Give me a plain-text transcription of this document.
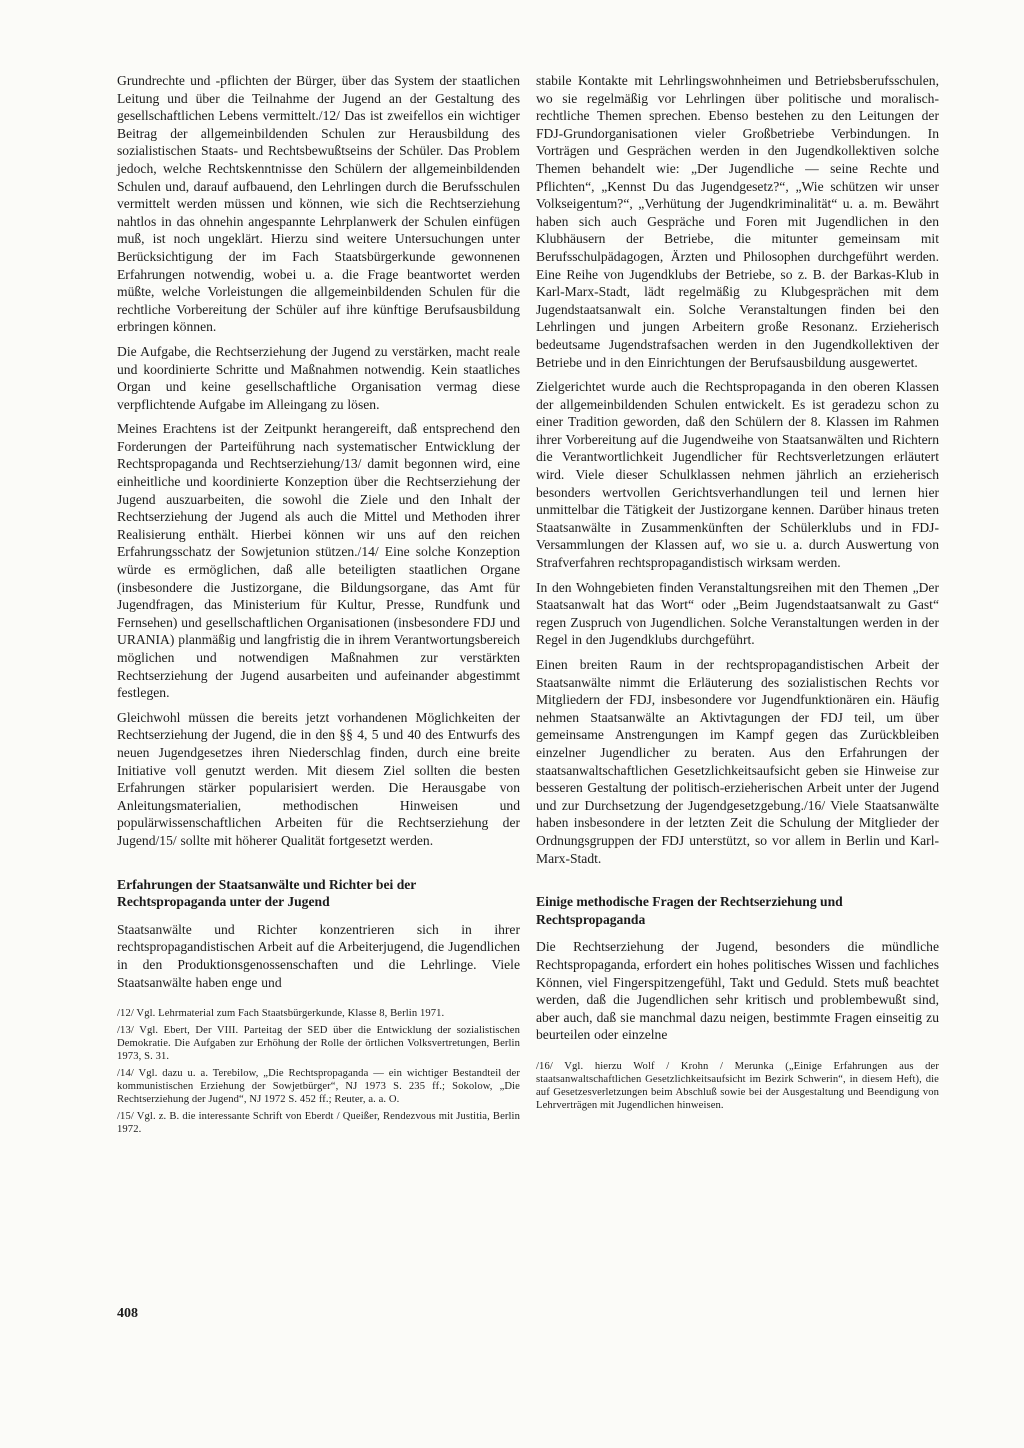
Grundrechte und -pflichten der Bürger, über das System der staatlichen Leitung und über die Teilnahme der Jugend an der Gestaltung des gesellschaftlichen Lebens vermittelt./12/ Das ist zweifellos ein wichtiger Beitrag der allgemeinbildenden Schulen zur Herausbildung des sozialistischen Staats- und Rechtsbewußtseins der Schüler. Das Problem jedoch, welche Rechtskenntnisse den Schülern der allgemeinbildenden Schulen und, darauf aufbauend, den Lehrlingen durch die Berufsschulen vermittelt werden müssen und können, wie sich die Rechtserziehung nahtlos in das ohnehin angespannte Lehrplanwerk der Schulen einfügen muß, ist noch ungeklärt. Hierzu sind weitere Untersuchungen unter Berücksichtigung der im Fach Staatsbürgerkunde gewonnenen Erfahrungen notwendig, wobei u. a. die Frage beantwortet werden müßte, welche Vorleistungen die allgemeinbildenden Schulen für die rechtliche Vorbereitung der Schüler auf ihre künftige Berufsausbildung erbringen können.

Die Aufgabe, die Rechtserziehung der Jugend zu verstärken, macht reale und koordinierte Schritte und Maßnahmen notwendig. Kein staatliches Organ und keine gesellschaftliche Organisation vermag diese verpflichtende Aufgabe im Alleingang zu lösen.

Meines Erachtens ist der Zeitpunkt herangereift, daß entsprechend den Forderungen der Parteiführung nach systematischer Entwicklung der Rechtspropaganda und Rechtserziehung/13/ damit begonnen wird, eine einheitliche und koordinierte Konzeption über die Rechtserziehung der Jugend auszuarbeiten, die sowohl die Ziele und den Inhalt der Rechtserziehung der Jugend als auch die Mittel und Methoden ihrer Realisierung enthält. Hierbei können wir uns auf den reichen Erfahrungsschatz der Sowjetunion stützen./14/ Eine solche Konzeption würde es ermöglichen, daß alle beteiligten staatlichen Organe (insbesondere die Justizorgane, die Bildungsorgane, das Amt für Jugendfragen, das Ministerium für Kultur, Presse, Rundfunk und Fernsehen) und gesellschaftlichen Organisationen (insbesondere FDJ und URANIA) planmäßig und langfristig die in ihrem Verantwortungsbereich möglichen und notwendigen Maßnahmen zur verstärkten Rechtserziehung der Jugend ausarbeiten und aufeinander abgestimmt festlegen.

Gleichwohl müssen die bereits jetzt vorhandenen Möglichkeiten der Rechtserziehung der Jugend, die in den §§ 4, 5 und 40 des Entwurfs des neuen Jugendgesetzes ihren Niederschlag finden, durch eine breite Initiative voll genutzt werden. Mit diesem Ziel sollten die besten Erfahrungen stärker popularisiert werden. Die Herausgabe von Anleitungsmaterialien, methodischen Hinweisen und populärwissenschaftlichen Arbeiten für die Rechtserziehung der Jugend/15/ sollte mit höherer Qualität fortgesetzt werden.

Erfahrungen der Staatsanwälte und Richter bei der Rechtspropaganda unter der Jugend

Staatsanwälte und Richter konzentrieren sich in ihrer rechtspropagandistischen Arbeit auf die Arbeiterjugend, die Jugendlichen in den Produktionsgenossenschaften und die Lehrlinge. Viele Staatsanwälte haben enge und

/12/ Vgl. Lehrmaterial zum Fach Staatsbürgerkunde, Klasse 8, Berlin 1971.

/13/ Vgl. Ebert, Der VIII. Parteitag der SED über die Entwicklung der sozialistischen Demokratie. Die Aufgaben zur Erhöhung der Rolle der örtlichen Volksvertretungen, Berlin 1973, S. 31.

/14/ Vgl. dazu u. a. Terebilow, „Die Rechtspropaganda — ein wichtiger Bestandteil der kommunistischen Erziehung der Sowjetbürger“, NJ 1973 S. 235 ff.; Sokolow, „Die Rechtserziehung der Jugend“, NJ 1972 S. 452 ff.; Reuter, a. a. O.

/15/ Vgl. z. B. die interessante Schrift von Eberdt / Queißer, Rendezvous mit Justitia, Berlin 1972.

stabile Kontakte mit Lehrlingswohnheimen und Betriebsberufsschulen, wo sie regelmäßig vor Lehrlingen über politische und moralisch-rechtliche Themen sprechen. Ebenso bestehen zu den Leitungen der FDJ-Grundorganisationen vieler Großbetriebe Verbindungen. In Vorträgen und Gesprächen werden in den Jugendkollektiven solche Themen behandelt wie: „Der Jugendliche — seine Rechte und Pflichten“, „Kennst Du das Jugendgesetz?“, „Wie schützen wir unser Volkseigentum?“, „Verhütung der Jugendkriminalität“ u. a. m. Bewährt haben sich auch Gespräche und Foren mit Jugendlichen in den Klubhäusern der Betriebe, die mitunter gemeinsam mit Berufsschulpädagogen, Ärzten und Philosophen durchgeführt werden. Eine Reihe von Jugendklubs der Betriebe, so z. B. der Barkas-Klub in Karl-Marx-Stadt, lädt regelmäßig zu Klubgesprächen mit dem Jugendstaatsanwalt ein. Solche Veranstaltungen finden bei den Lehrlingen und jungen Arbeitern große Resonanz. Erzieherisch bedeutsame Jugendstrafsachen werden in den Jugendkollektiven der Betriebe und in den Einrichtungen der Berufsausbildung ausgewertet.

Zielgerichtet wurde auch die Rechtspropaganda in den oberen Klassen der allgemeinbildenden Schulen entwickelt. Es ist geradezu schon zu einer Tradition geworden, daß den Schülern der 8. Klassen im Rahmen ihrer Vorbereitung auf die Jugendweihe von Staatsanwälten und Richtern die Verantwortlichkeit Jugendlicher für Rechtsverletzungen erläutert wird. Viele dieser Schulklassen nehmen jährlich an erzieherisch besonders wertvollen Gerichtsverhandlungen teil und lernen hier unmittelbar die Tätigkeit der Justizorgane kennen. Darüber hinaus treten Staatsanwälte in Zusammenkünften der Schülerklubs und in FDJ-Versammlungen der Klassen auf, wo sie u. a. durch Auswertung von Strafverfahren rechtspropagandistisch wirksam werden.

In den Wohngebieten finden Veranstaltungsreihen mit den Themen „Der Staatsanwalt hat das Wort“ oder „Beim Jugendstaatsanwalt zu Gast“ regen Zuspruch von Jugendlichen. Solche Veranstaltungen werden in der Regel in den Jugendklubs durchgeführt.

Einen breiten Raum in der rechtspropagandistischen Arbeit der Staatsanwälte nimmt die Erläuterung des sozialistischen Rechts vor Mitgliedern der FDJ, insbesondere vor Jugendfunktionären ein. Häufig nehmen Staatsanwälte an Aktivtagungen der FDJ teil, um über gemeinsame Anstrengungen im Kampf gegen das Zurückbleiben einzelner Jugendlicher zu beraten. Aus den Erfahrungen der staatsanwaltschaftlichen Gesetzlichkeitsaufsicht geben sie Hinweise zur besseren Gestaltung der politisch-erzieherischen Arbeit unter der Jugend und zur Durchsetzung der Jugendgesetzgebung./16/ Viele Staatsanwälte haben insbesondere in der letzten Zeit die Schulung der Mitglieder der Ordnungsgruppen der FDJ unterstützt, so vor allem in Berlin und Karl-Marx-Stadt.

Einige methodische Fragen der Rechtserziehung und Rechtspropaganda

Die Rechtserziehung der Jugend, besonders die mündliche Rechtspropaganda, erfordert ein hohes politisches Wissen und fachliches Können, viel Fingerspitzengefühl, Takt und Geduld. Stets muß beachtet werden, daß die Jugendlichen sehr kritisch und problembewußt sind, aber auch, daß sie manchmal dazu neigen, bestimmte Fragen einseitig zu beurteilen oder einzelne

/16/ Vgl. hierzu Wolf / Krohn / Merunka („Einige Erfahrungen aus der staatsanwaltschaftlichen Gesetzlichkeitsaufsicht im Bezirk Schwerin“, in diesem Heft), die auf Gesetzesverletzungen beim Abschluß sowie bei der Ausgestaltung und Beendigung von Lehrverträgen mit Jugendlichen hinweisen.

408
